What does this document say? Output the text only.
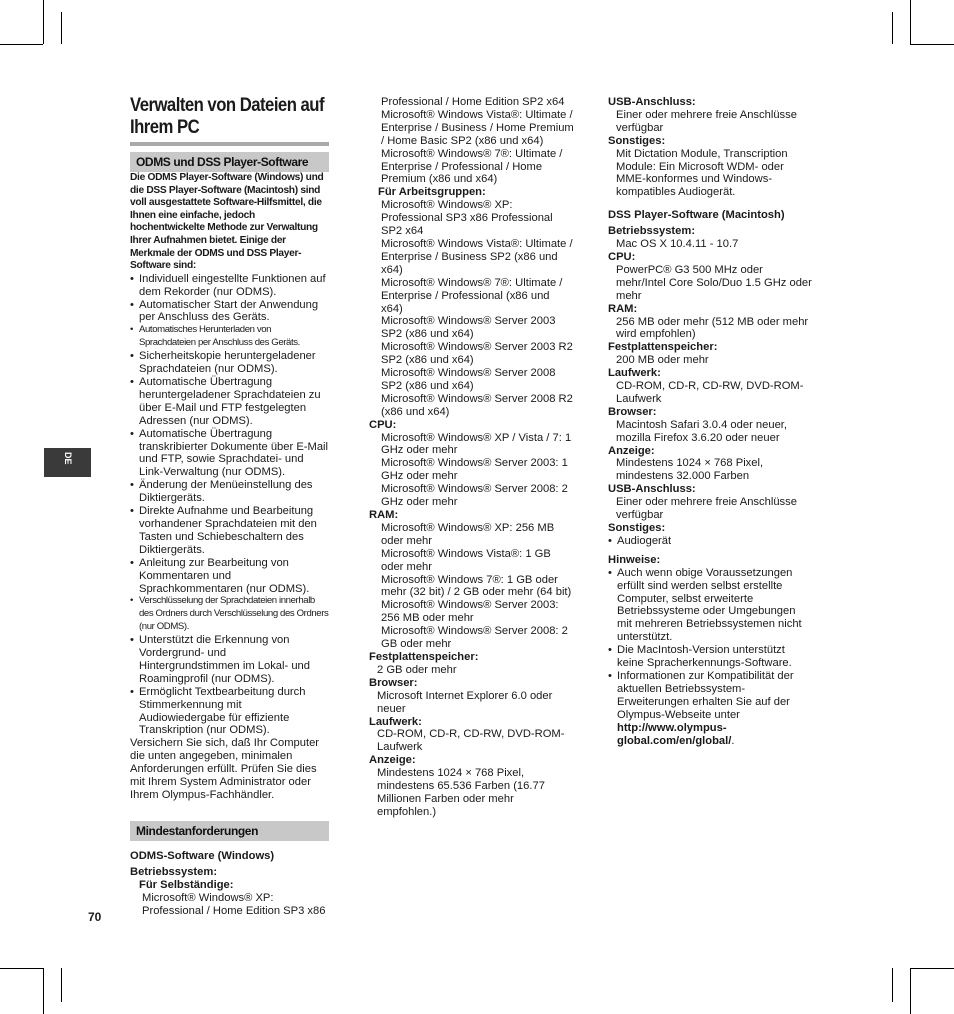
DE
70
Verwalten von Dateien auf Ihrem PC
ODMS und DSS Player-Software

Die ODMS Player-Software (Windows) und die DSS Player-Software (Macintosh) sind voll ausgestattete Software-Hilfsmittel, die Ihnen eine einfache, jedoch hochentwickelte Methode zur Verwaltung Ihrer Aufnahmen bietet. Einige der Merkmale der ODMS und DSS Player-Software sind:

• Individuell eingestellte Funktionen auf dem Rekorder (nur ODMS).
• Automatischer Start der Anwendung per Anschluss des Geräts.
• Automatisches Herunterladen von Sprachdateien per Anschluss des Geräts.
• Sicherheitskopie heruntergeladener Sprachdateien (nur ODMS).
• Automatische Übertragung heruntergeladener Sprachdateien zu über E-Mail und FTP festgelegten Adressen (nur ODMS).
• Automatische Übertragung transkribierter Dokumente über E-Mail und FTP, sowie Sprachdatei- und Link-Verwaltung (nur ODMS).
• Änderung der Menüeinstellung des Diktiergeräts.
• Direkte Aufnahme und Bearbeitung vorhandener Sprachdateien mit den Tasten und Schiebeschaltern des Diktiergeräts.
• Anleitung zur Bearbeitung von Kommentaren und Sprachkommentaren (nur ODMS).
• Verschlüsselung der Sprachdateien innerhalb des Ordners durch Verschlüsselung des Ordners (nur ODMS).
• Unterstützt die Erkennung von Vordergrund- und Hintergrundstimmen im Lokal- und Roamingprofil (nur ODMS).
• Ermöglicht Textbearbeitung durch Stimmerkennung mit Audiowiedergabe für effiziente Transkription (nur ODMS).

Versichern Sie sich, daß Ihr Computer die unten angegeben, minimalen Anforderungen erfüllt. Prüfen Sie dies mit Ihrem System Administrator oder Ihrem Olympus-Fachhändler.

Mindestanforderungen

ODMS-Software (Windows)

Betriebssystem:

Für Selbständige:

Microsoft® Windows® XP: Professional / Home Edition SP3 x86

Professional / Home Edition SP2 x64

Microsoft® Windows Vista®: Ultimate / Enterprise / Business / Home Premium / Home Basic SP2 (x86 und x64)

Microsoft® Windows® 7®: Ultimate / Enterprise / Professional / Home Premium (x86 und x64)

Für Arbeitsgruppen:

Microsoft® Windows® XP: Professional SP3 x86 Professional SP2 x64

Microsoft® Windows Vista®: Ultimate / Enterprise / Business SP2 (x86 und x64)

Microsoft® Windows® 7®: Ultimate / Enterprise / Professional (x86 und x64)

Microsoft® Windows® Server 2003 SP2 (x86 und x64)

Microsoft® Windows® Server 2003 R2 SP2 (x86 und x64)

Microsoft® Windows® Server 2008 SP2 (x86 und x64)

Microsoft® Windows® Server 2008 R2 (x86 und x64)

CPU:

Microsoft® Windows® XP / Vista / 7: 1 GHz oder mehr

Microsoft® Windows® Server 2003: 1 GHz oder mehr

Microsoft® Windows® Server 2008: 2 GHz oder mehr

RAM:

Microsoft® Windows® XP: 256 MB oder mehr

Microsoft® Windows Vista®: 1 GB oder mehr

Microsoft® Windows 7®: 1 GB oder mehr (32 bit) / 2 GB oder mehr (64 bit)

Microsoft® Windows® Server 2003: 256 MB oder mehr

Microsoft® Windows® Server 2008: 2 GB oder mehr

Festplattenspeicher:

2 GB oder mehr

Browser:

Microsoft Internet Explorer 6.0 oder neuer

Laufwerk:

CD-ROM, CD-R, CD-RW, DVD-ROM-Laufwerk

Anzeige:

Mindestens 1024 × 768 Pixel, mindestens 65.536 Farben (16.77 Millionen Farben oder mehr empfohlen.)

USB-Anschluss:

Einer oder mehrere freie Anschlüsse verfügbar

Sonstiges:

Mit Dictation Module, Transcription Module: Ein Microsoft WDM- oder MME-konformes und Windows-kompatibles Audiogerät.

DSS Player-Software (Macintosh)

Betriebssystem:

Mac OS X 10.4.11 - 10.7

CPU:

PowerPC® G3 500 MHz oder mehr/Intel Core Solo/Duo 1.5 GHz oder mehr

RAM:

256 MB oder mehr (512 MB oder mehr wird empfohlen)

Festplattenspeicher:

200 MB oder mehr

Laufwerk:

CD-ROM, CD-R, CD-RW, DVD-ROM-Laufwerk

Browser:

Macintosh Safari 3.0.4 oder neuer, mozilla Firefox 3.6.20 oder neuer

Anzeige:

Mindestens 1024 × 768 Pixel, mindestens 32.000 Farben

USB-Anschluss:

Einer oder mehrere freie Anschlüsse verfügbar

Sonstiges:

• Audiogerät

Hinweise:

• Auch wenn obige Voraussetzungen erfüllt sind werden selbst erstellte Computer, selbst erweiterte Betriebssysteme oder Umgebungen mit mehreren Betriebssystemen nicht unterstützt.
• Die MacIntosh-Version unterstützt keine Spracherkennungs-Software.
• Informationen zur Kompatibilität der aktuellen Betriebssystem-Erweiterungen erhalten Sie auf der Olympus-Webseite unter http://www.olympus-global.com/en/global/.
